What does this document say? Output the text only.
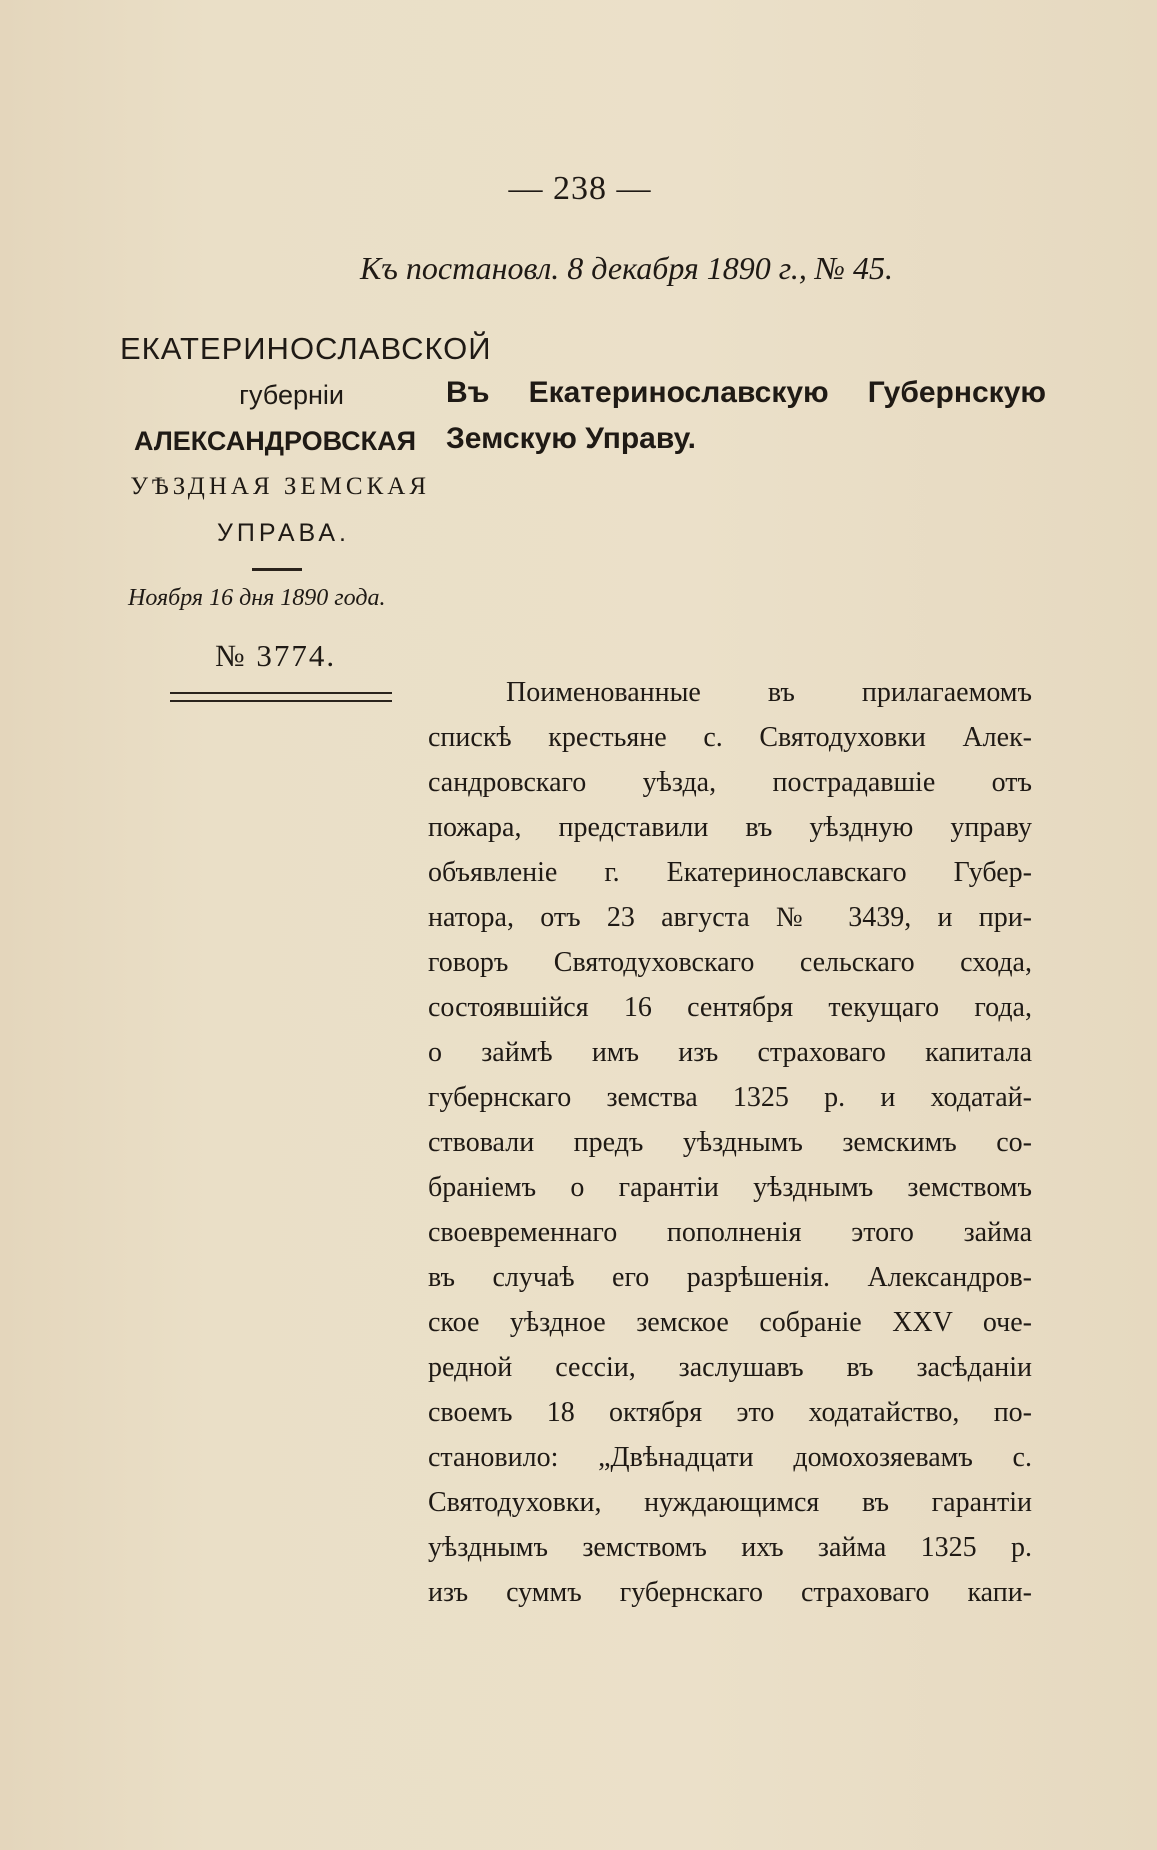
— 238 —
Къ постановл. 8 декабря 1890 г., № 45.
ЕКАТЕРИНОСЛАВСКОЙ
губерніи
АЛЕКСАНДРОВСКАЯ
УѢЗДНАЯ ЗЕМСКАЯ
УПРАВА.
Ноября 16 дня 1890 года.
№ 3774.
Въ Екатеринославскую Губернскую
Земскую Управу.
Поименованные въ прилагаемомъ
спискѣ крестьяне с. Святодуховки Алек-
сандровскаго уѣзда, пострадавшіе отъ
пожара, представили въ уѣздную управу
объявленіе г. Екатеринославскаго Губер-
натора, отъ 23 августа № 3439, и при-
говоръ Святодуховскаго сельскаго схода,
состоявшійся 16 сентября текущаго года,
о займѣ имъ изъ страховаго капитала
губернскаго земства 1325 р. и ходатай-
ствовали предъ уѣзднымъ земскимъ со-
браніемъ о гарантіи уѣзднымъ земствомъ
своевременнаго пополненія этого займа
въ случаѣ его разрѣшенія. Александров-
ское уѣздное земское собраніе XXV оче-
редной сессіи, заслушавъ въ засѣданіи
своемъ 18 октября это ходатайство, по-
становило: „Двѣнадцати домохозяевамъ с.
Святодуховки, нуждающимся въ гарантіи
уѣзднымъ земствомъ ихъ займа 1325 р.
изъ суммъ губернскаго страховаго капи-
